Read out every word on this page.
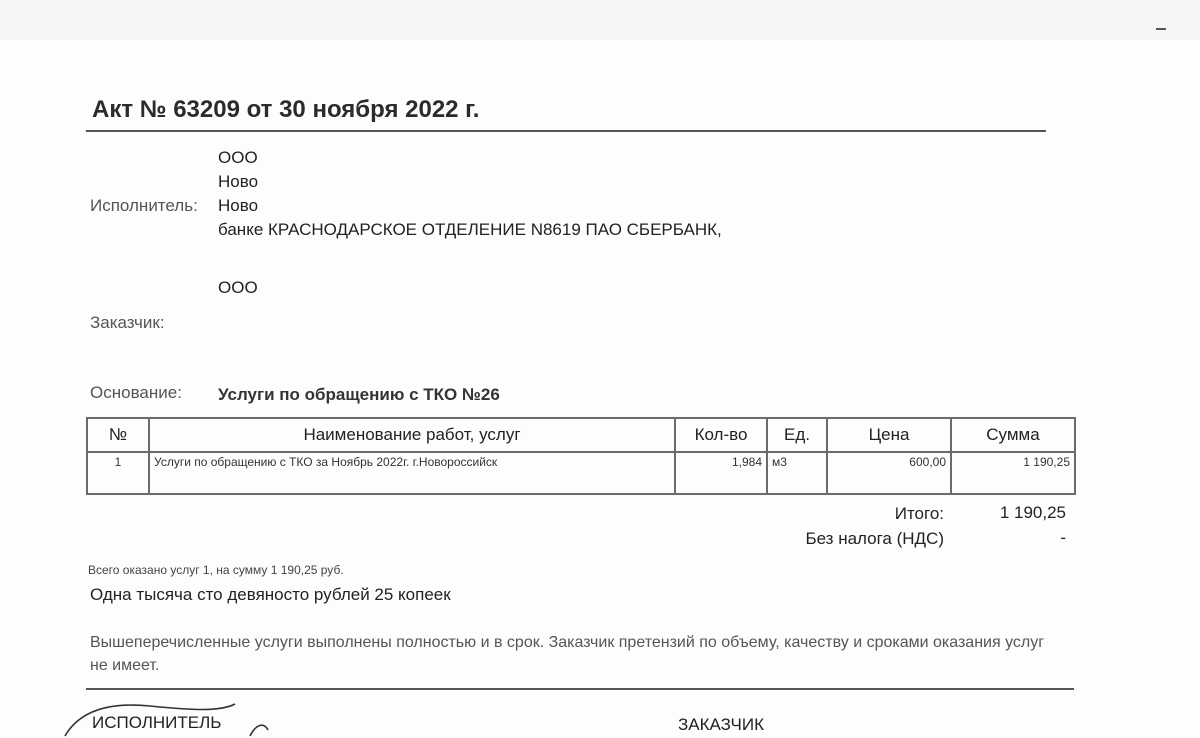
Акт № 63209 от 30 ноября 2022 г.
ООО
Ново
Исполнитель: Ново
банке КРАСНОДАРСКОЕ ОТДЕЛЕНИЕ N8619 ПАО СБЕРБАНК,
ООО
Заказчик:
Основание: Услуги по обращению с ТКО №26
№	Наименование работ, услуг	Кол-во	Ед.	Цена	Сумма
1	Услуги по обращению с ТКО за Ноябрь 2022г. г.Новороссийск	1,984	м3	600,00	1 190,25
Итого:	1 190,25
Без налога (НДС)	-
Всего оказано услуг 1, на сумму 1 190,25 руб.
Одна тысяча сто девяносто рублей 25 копеек
Вышеперечисленные услуги выполнены полностью и в срок. Заказчик претензий по объему, качеству и сроками оказания услуг не имеет.
ИСПОЛНИТЕЛЬ	ЗАКАЗЧИК
